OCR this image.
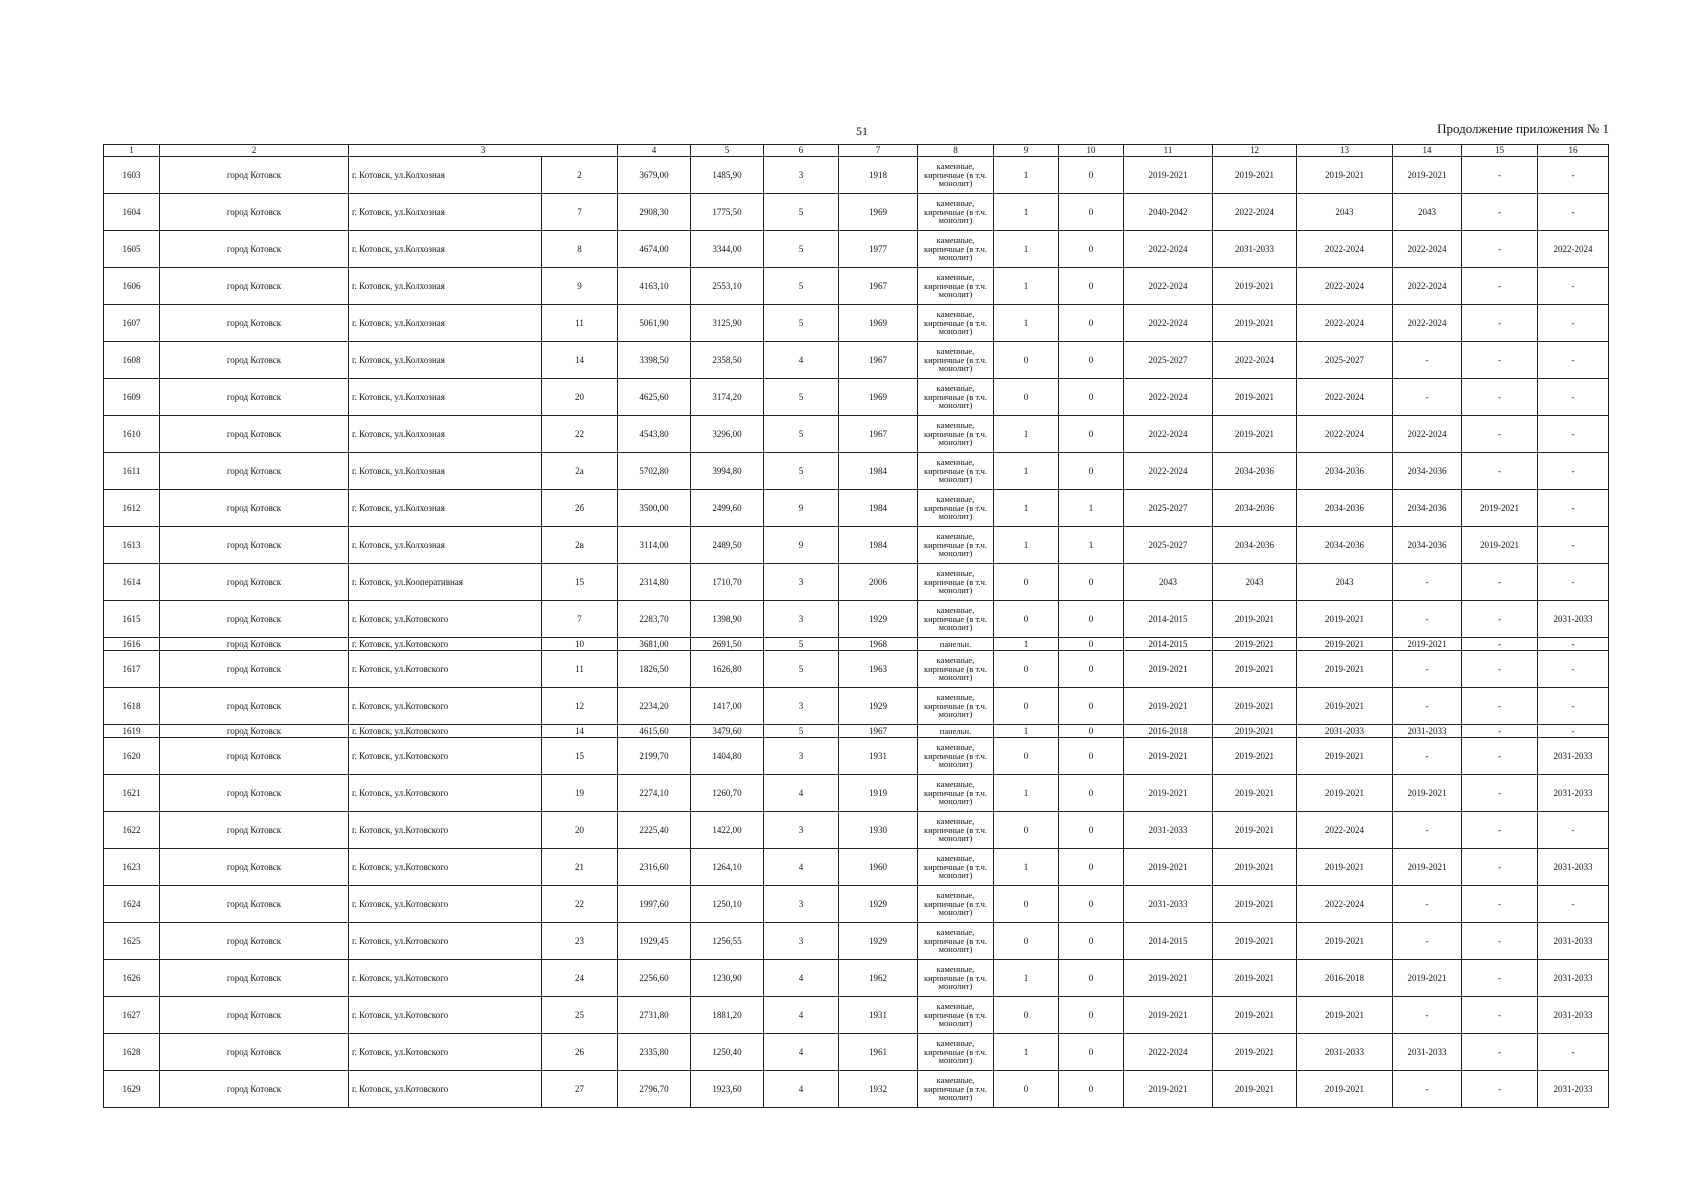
51	Продолжение приложения № 1
1	2	3		4	5	6	7	8	9	10	11	12	13	14	15	16
1603	город Котовск	г. Котовск, ул.Колхозная	2	3679,00	1485,90	3	1918	каменные, кирпичные (в т.ч. монолит)	1	0	2019-2021	2019-2021	2019-2021	2019-2021	-	-
1604	город Котовск	г. Котовск, ул.Колхозная	7	2908,30	1775,50	5	1969	каменные, кирпичные (в т.ч. монолит)	1	0	2040-2042	2022-2024	2043	2043	-	-
1605	город Котовск	г. Котовск, ул.Колхозная	8	4674,00	3344,00	5	1977	каменные, кирпичные (в т.ч. монолит)	1	0	2022-2024	2031-2033	2022-2024	2022-2024	-	2022-2024
1606	город Котовск	г. Котовск, ул.Колхозная	9	4163,10	2553,10	5	1967	каменные, кирпичные (в т.ч. монолит)	1	0	2022-2024	2019-2021	2022-2024	2022-2024	-	-
1607	город Котовск	г. Котовск, ул.Колхозная	11	5061,90	3125,90	5	1969	каменные, кирпичные (в т.ч. монолит)	1	0	2022-2024	2019-2021	2022-2024	2022-2024	-	-
1608	город Котовск	г. Котовск, ул.Колхозная	14	3398,50	2358,50	4	1967	каменные, кирпичные (в т.ч. монолит)	0	0	2025-2027	2022-2024	2025-2027	-	-	-
1609	город Котовск	г. Котовск, ул.Колхозная	20	4625,60	3174,20	5	1969	каменные, кирпичные (в т.ч. монолит)	0	0	2022-2024	2019-2021	2022-2024	-	-	-
1610	город Котовск	г. Котовск, ул.Колхозная	22	4543,80	3296,00	5	1967	каменные, кирпичные (в т.ч. монолит)	1	0	2022-2024	2019-2021	2022-2024	2022-2024	-	-
1611	город Котовск	г. Котовск, ул.Колхозная	2а	5702,80	3994,80	5	1984	каменные, кирпичные (в т.ч. монолит)	1	0	2022-2024	2034-2036	2034-2036	2034-2036	-	-
1612	город Котовск	г. Котовск, ул.Колхозная	2б	3500,00	2499,60	9	1984	каменные, кирпичные (в т.ч. монолит)	1	1	2025-2027	2034-2036	2034-2036	2034-2036	2019-2021	-
1613	город Котовск	г. Котовск, ул.Колхозная	2в	3114,00	2489,50	9	1984	каменные, кирпичные (в т.ч. монолит)	1	1	2025-2027	2034-2036	2034-2036	2034-2036	2019-2021	-
1614	город Котовск	г. Котовск, ул.Кооперативная	15	2314,80	1710,70	3	2006	каменные, кирпичные (в т.ч. монолит)	0	0	2043	2043	2043	-	-	-
1615	город Котовск	г. Котовск, ул.Котовского	7	2283,70	1398,90	3	1929	каменные, кирпичные (в т.ч. монолит)	0	0	2014-2015	2019-2021	2019-2021	-	-	2031-2033
1616	город Котовск	г. Котовск, ул.Котовского	10	3681,00	2691,50	5	1968	панельн.	1	0	2014-2015	2019-2021	2019-2021	2019-2021	-	-
1617	город Котовск	г. Котовск, ул.Котовского	11	1826,50	1626,80	5	1963	каменные, кирпичные (в т.ч. монолит)	0	0	2019-2021	2019-2021	2019-2021	-	-	-
1618	город Котовск	г. Котовск, ул.Котовского	12	2234,20	1417,00	3	1929	каменные, кирпичные (в т.ч. монолит)	0	0	2019-2021	2019-2021	2019-2021	-	-	-
1619	город Котовск	г. Котовск, ул.Котовского	14	4615,60	3479,60	5	1967	панельн.	1	0	2016-2018	2019-2021	2031-2033	2031-2033	-	-
1620	город Котовск	г. Котовск, ул.Котовского	15	2199,70	1404,80	3	1931	каменные, кирпичные (в т.ч. монолит)	0	0	2019-2021	2019-2021	2019-2021	-	-	2031-2033
1621	город Котовск	г. Котовск, ул.Котовского	19	2274,10	1260,70	4	1919	каменные, кирпичные (в т.ч. монолит)	1	0	2019-2021	2019-2021	2019-2021	2019-2021	-	2031-2033
1622	город Котовск	г. Котовск, ул.Котовского	20	2225,40	1422,00	3	1930	каменные, кирпичные (в т.ч. монолит)	0	0	2031-2033	2019-2021	2022-2024	-	-	-
1623	город Котовск	г. Котовск, ул.Котовского	21	2316,60	1264,10	4	1960	каменные, кирпичные (в т.ч. монолит)	1	0	2019-2021	2019-2021	2019-2021	2019-2021	-	2031-2033
1624	город Котовск	г. Котовск, ул.Котовского	22	1997,60	1250,10	3	1929	каменные, кирпичные (в т.ч. монолит)	0	0	2031-2033	2019-2021	2022-2024	-	-	-
1625	город Котовск	г. Котовск, ул.Котовского	23	1929,45	1256,55	3	1929	каменные, кирпичные (в т.ч. монолит)	0	0	2014-2015	2019-2021	2019-2021	-	-	2031-2033
1626	город Котовск	г. Котовск, ул.Котовского	24	2256,60	1230,90	4	1962	каменные, кирпичные (в т.ч. монолит)	1	0	2019-2021	2019-2021	2016-2018	2019-2021	-	2031-2033
1627	город Котовск	г. Котовск, ул.Котовского	25	2731,80	1881,20	4	1931	каменные, кирпичные (в т.ч. монолит)	0	0	2019-2021	2019-2021	2019-2021	-	-	2031-2033
1628	город Котовск	г. Котовск, ул.Котовского	26	2335,80	1250,40	4	1961	каменные, кирпичные (в т.ч. монолит)	1	0	2022-2024	2019-2021	2031-2033	2031-2033	-	-
1629	город Котовск	г. Котовск, ул.Котовского	27	2796,70	1923,60	4	1932	каменные, кирпичные (в т.ч. монолит)	0	0	2019-2021	2019-2021	2019-2021	-	-	2031-2033
